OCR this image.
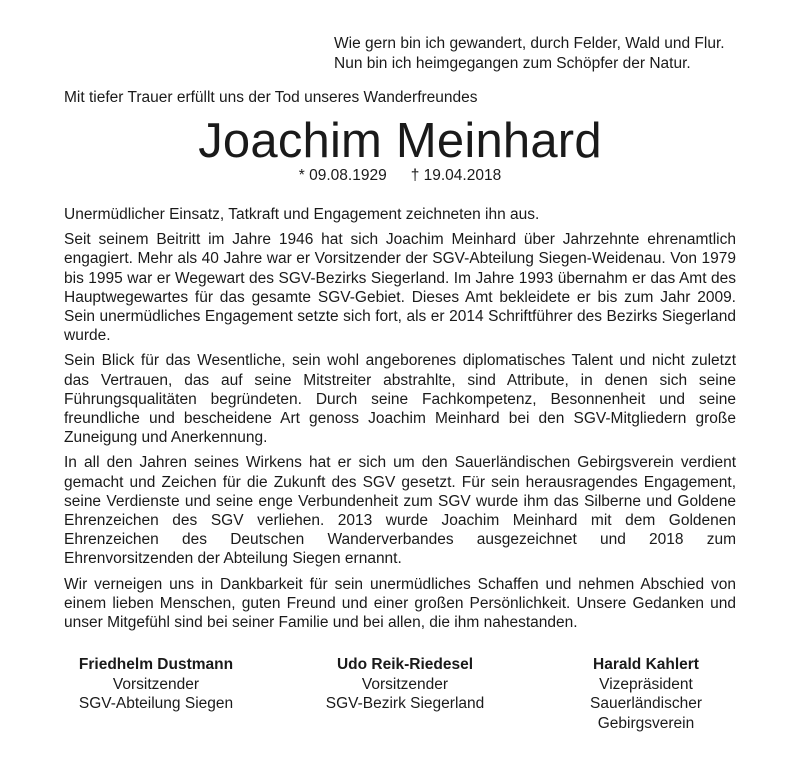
Wie gern bin ich gewandert, durch Felder, Wald und Flur.
Nun bin ich heimgegangen zum Schöpfer der Natur.
Mit tiefer Trauer erfüllt uns der Tod unseres Wanderfreundes
Joachim Meinhard
* 09.08.1929 † 19.04.2018

Unermüdlicher Einsatz, Tatkraft und Engagement zeichneten ihn aus.

Seit seinem Beitritt im Jahre 1946 hat sich Joachim Meinhard über Jahrzehnte ehrenamtlich engagiert. Mehr als 40 Jahre war er Vorsitzender der SGV-Abteilung Siegen-Weidenau. Von 1979 bis 1995 war er Wegewart des SGV-Bezirks Siegerland. Im Jahre 1993 übernahm er das Amt des Hauptwegewartes für das gesamte SGV-Gebiet. Dieses Amt bekleidete er bis zum Jahr 2009. Sein unermüdliches Engagement setzte sich fort, als er 2014 Schriftführer des Bezirks Siegerland wurde.

Sein Blick für das Wesentliche, sein wohl angeborenes diplomatisches Talent und nicht zuletzt das Vertrauen, das auf seine Mitstreiter abstrahlte, sind Attribute, in denen sich seine Führungsqualitäten begründeten. Durch seine Fachkompetenz, Besonnenheit und seine freundliche und bescheidene Art genoss Joachim Meinhard bei den SGV-Mitgliedern große Zuneigung und Anerkennung.

In all den Jahren seines Wirkens hat er sich um den Sauerländischen Gebirgsverein verdient gemacht und Zeichen für die Zukunft des SGV gesetzt. Für sein herausragendes Engagement, seine Verdienste und seine enge Verbundenheit zum SGV wurde ihm das Silberne und Goldene Ehrenzeichen des SGV verliehen. 2013 wurde Joachim Meinhard mit dem Goldenen Ehrenzeichen des Deutschen Wanderverbandes ausgezeichnet und 2018 zum Ehrenvorsitzenden der Abteilung Siegen ernannt.

Wir verneigen uns in Dankbarkeit für sein unermüdliches Schaffen und nehmen Abschied von einem lieben Menschen, guten Freund und einer großen Persönlichkeit. Unsere Gedanken und unser Mitgefühl sind bei seiner Familie und bei allen, die ihm nahestanden.

Friedhelm Dustmann
Vorsitzender
SGV-Abteilung Siegen
Udo Reik-Riedesel
Vorsitzender
SGV-Bezirk Siegerland
Harald Kahlert
Vizepräsident
Sauerländischer
Gebirgsverein
